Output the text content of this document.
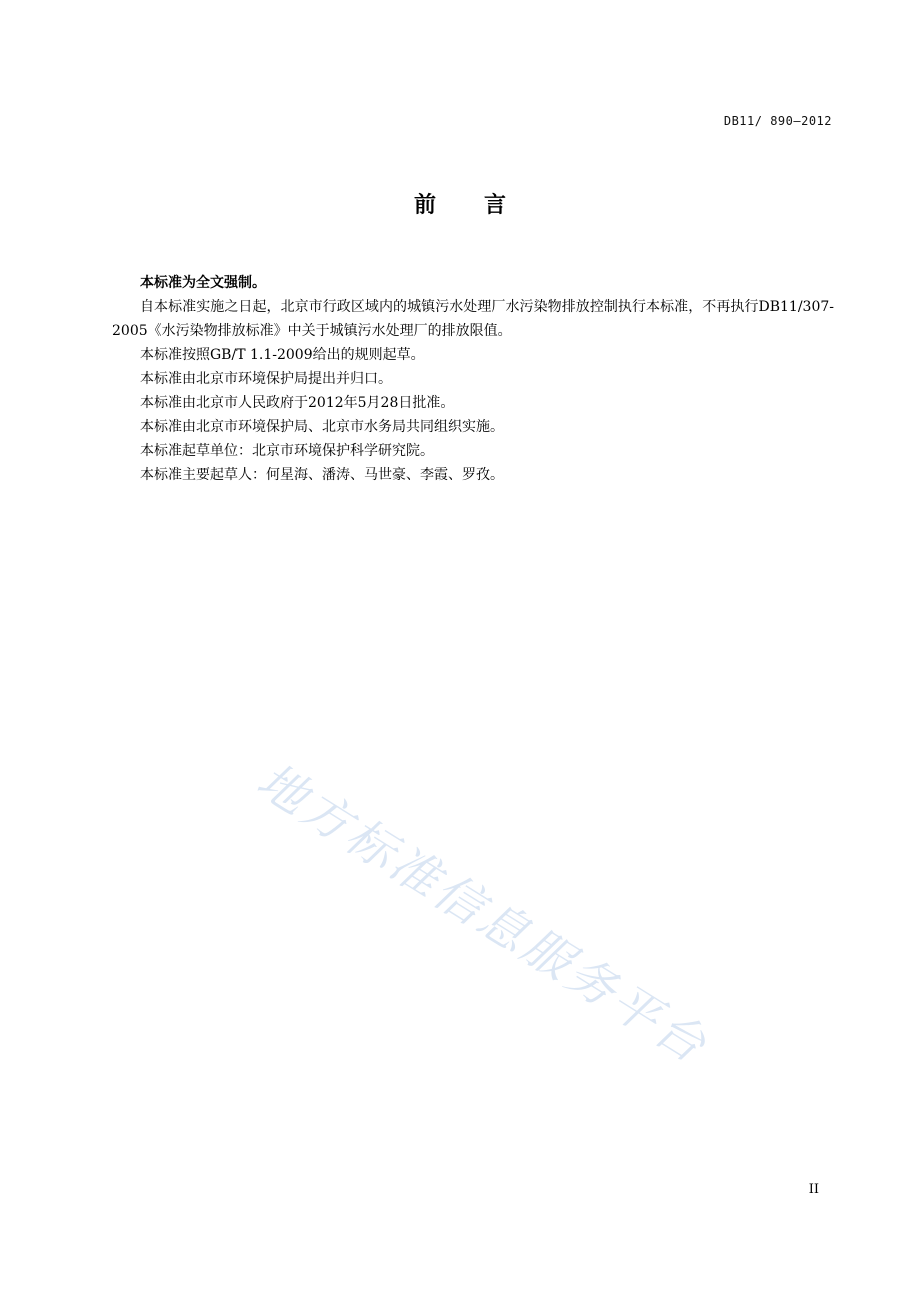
DB11/ 890—2012
前言

本标准为全文强制。

自本标准实施之日起，北京市行政区域内的城镇污水处理厂水污染物排放控制执行本标准，不再执行DB11/307-2005《水污染物排放标准》中关于城镇污水处理厂的排放限值。

本标准按照GB/T 1.1-2009给出的规则起草。

本标准由北京市环境保护局提出并归口。

本标准由北京市人民政府于2012年5月28日批准。

本标准由北京市环境保护局、北京市水务局共同组织实施。

本标准起草单位：北京市环境保护科学研究院。

本标准主要起草人：何星海、潘涛、马世豪、李霞、罗孜。

地方标准信息服务平台
II
